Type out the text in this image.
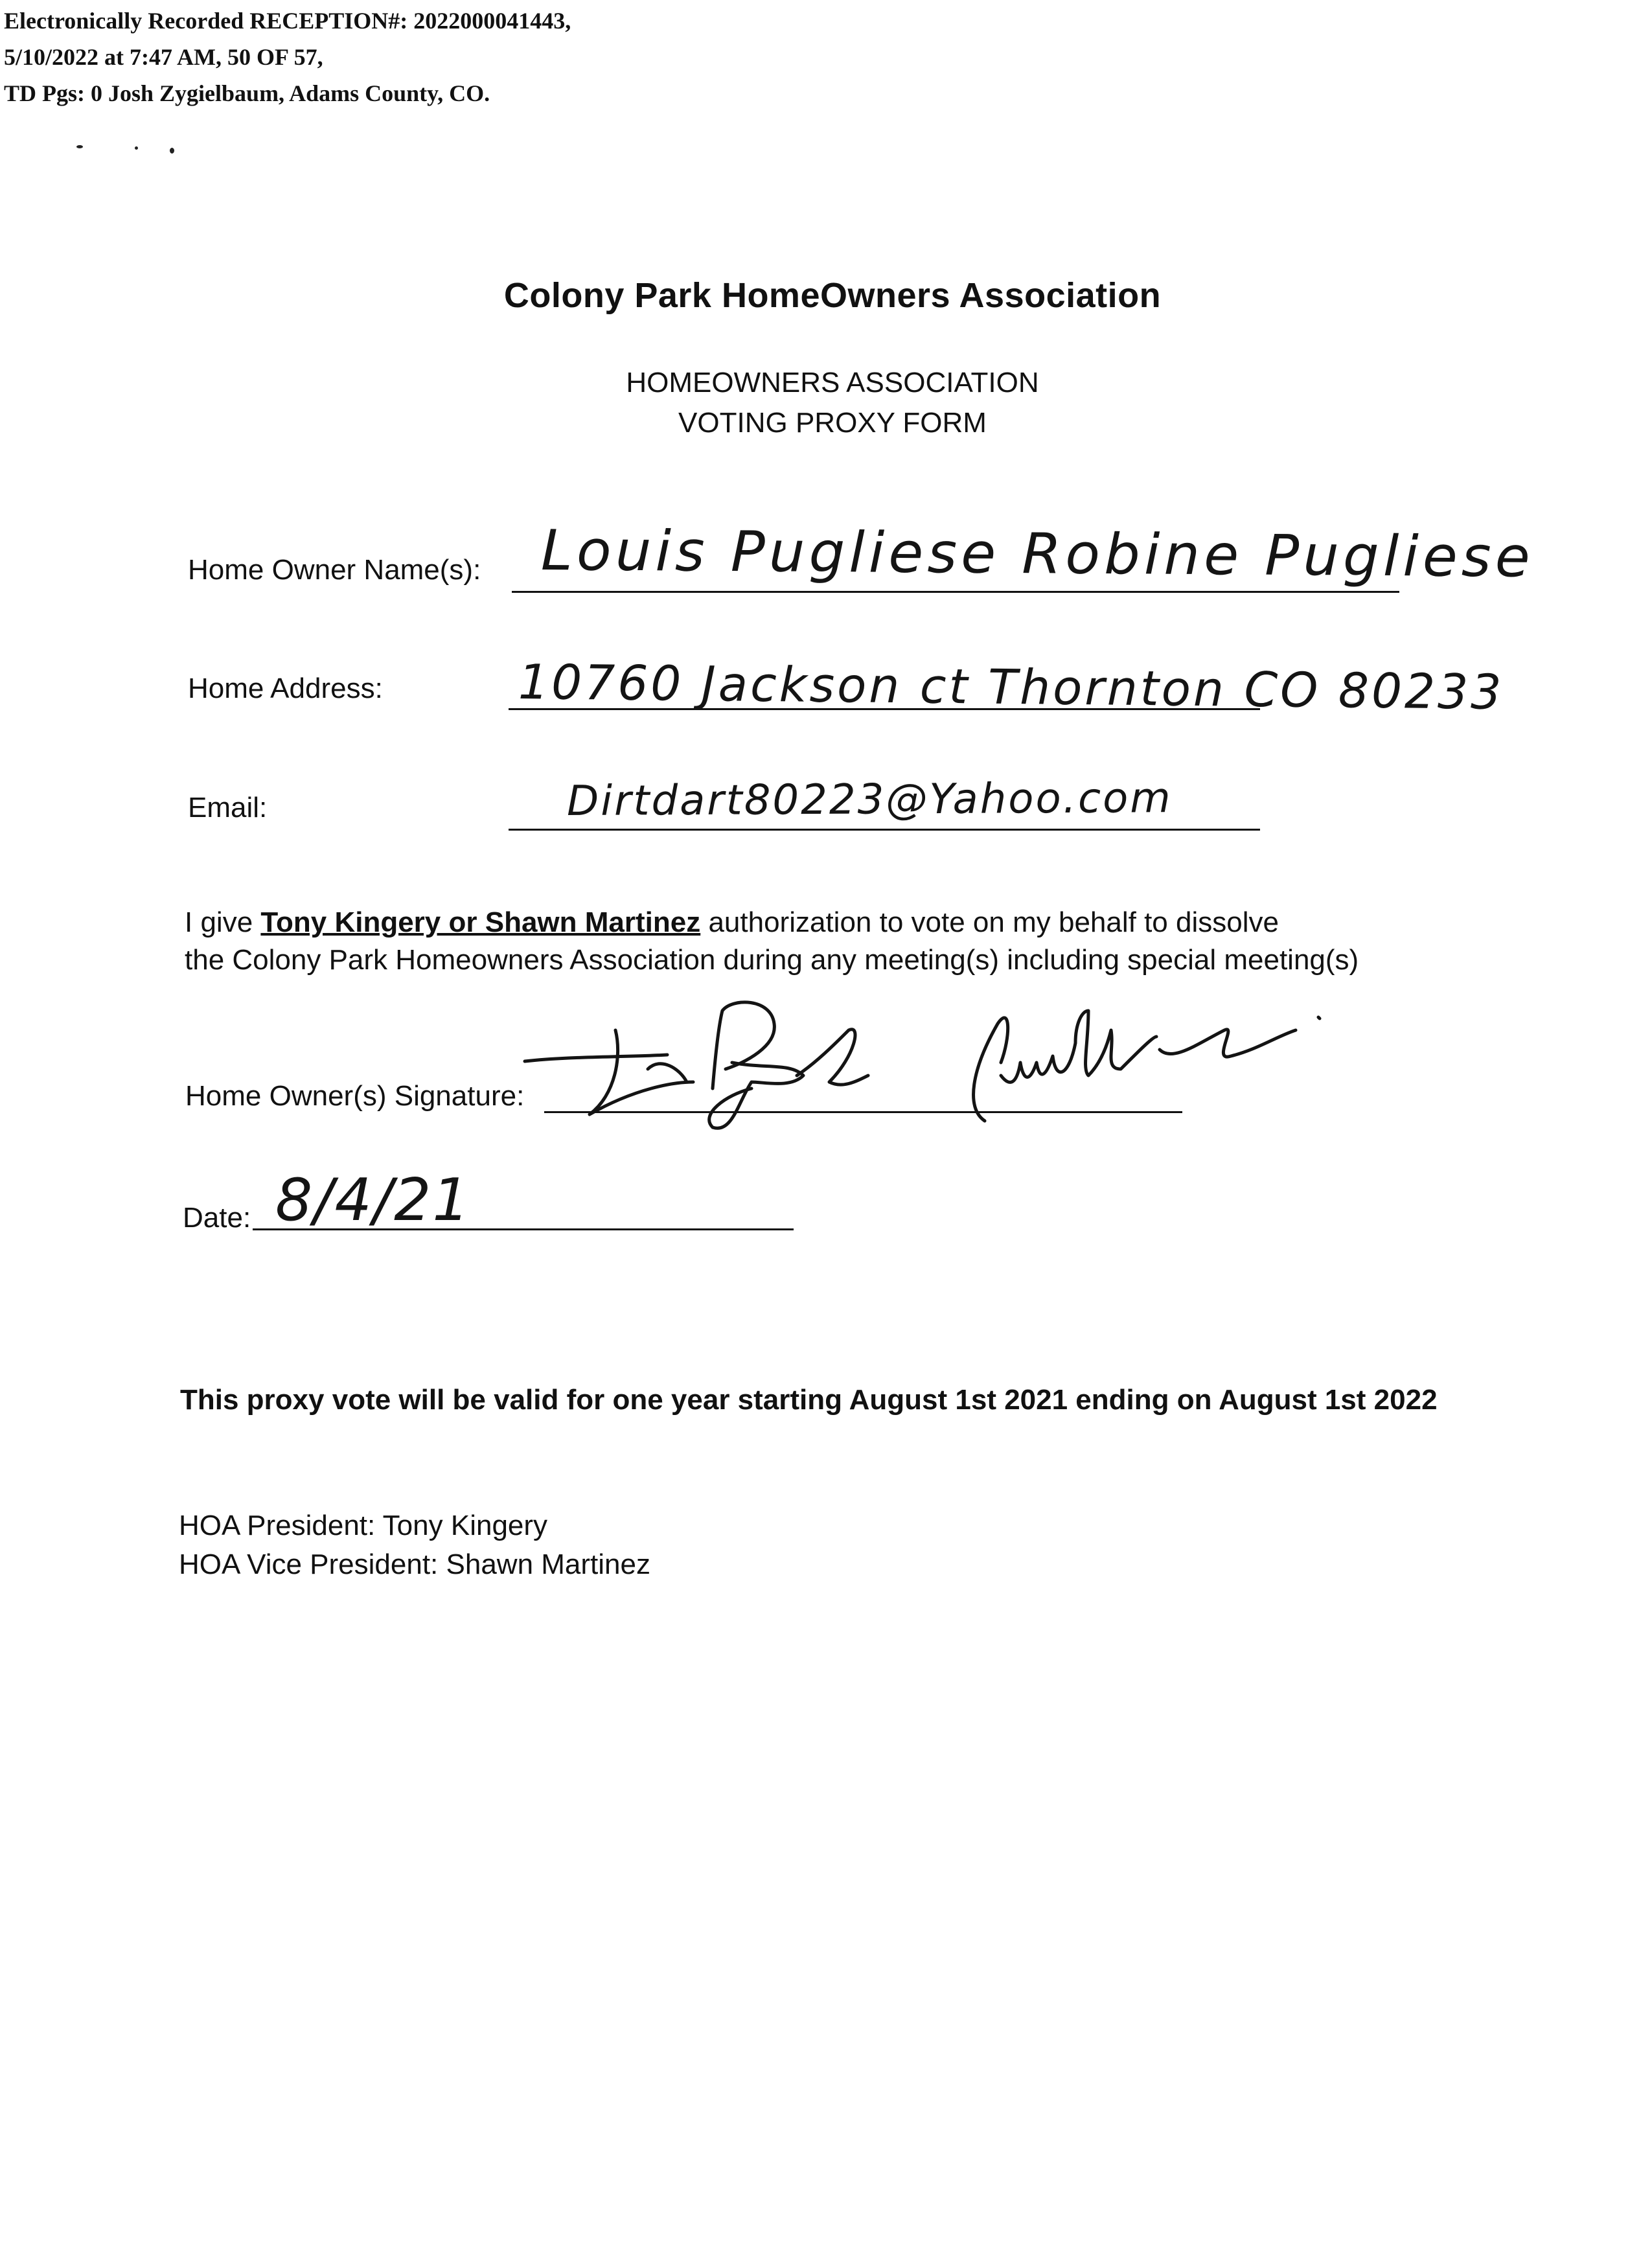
Electronically Recorded RECEPTION#: 2022000041443,
5/10/2022 at 7:47 AM, 50 OF 57,
TD Pgs: 0 Josh Zygielbaum, Adams County, CO.
Colony Park HomeOwners Association
HOMEOWNERS ASSOCIATION
VOTING PROXY FORM
Home Owner Name(s): Louis Pugliese Robine Pugliese
Home Address:	10760 Jackson ct Thornton CO 80233
Email:	Dirtdart80223@Yahoo.com
I give Tony Kingery or Shawn Martinez authorization to vote on my behalf to dissolve
the Colony Park Homeowners Association during any meeting(s) including special meeting(s)
Home Owner(s) Signature:
Date: 8/4/21
This proxy vote will be valid for one year starting August 1st 2021 ending on August 1st 2022
HOA President: Tony Kingery
HOA Vice President: Shawn Martinez
